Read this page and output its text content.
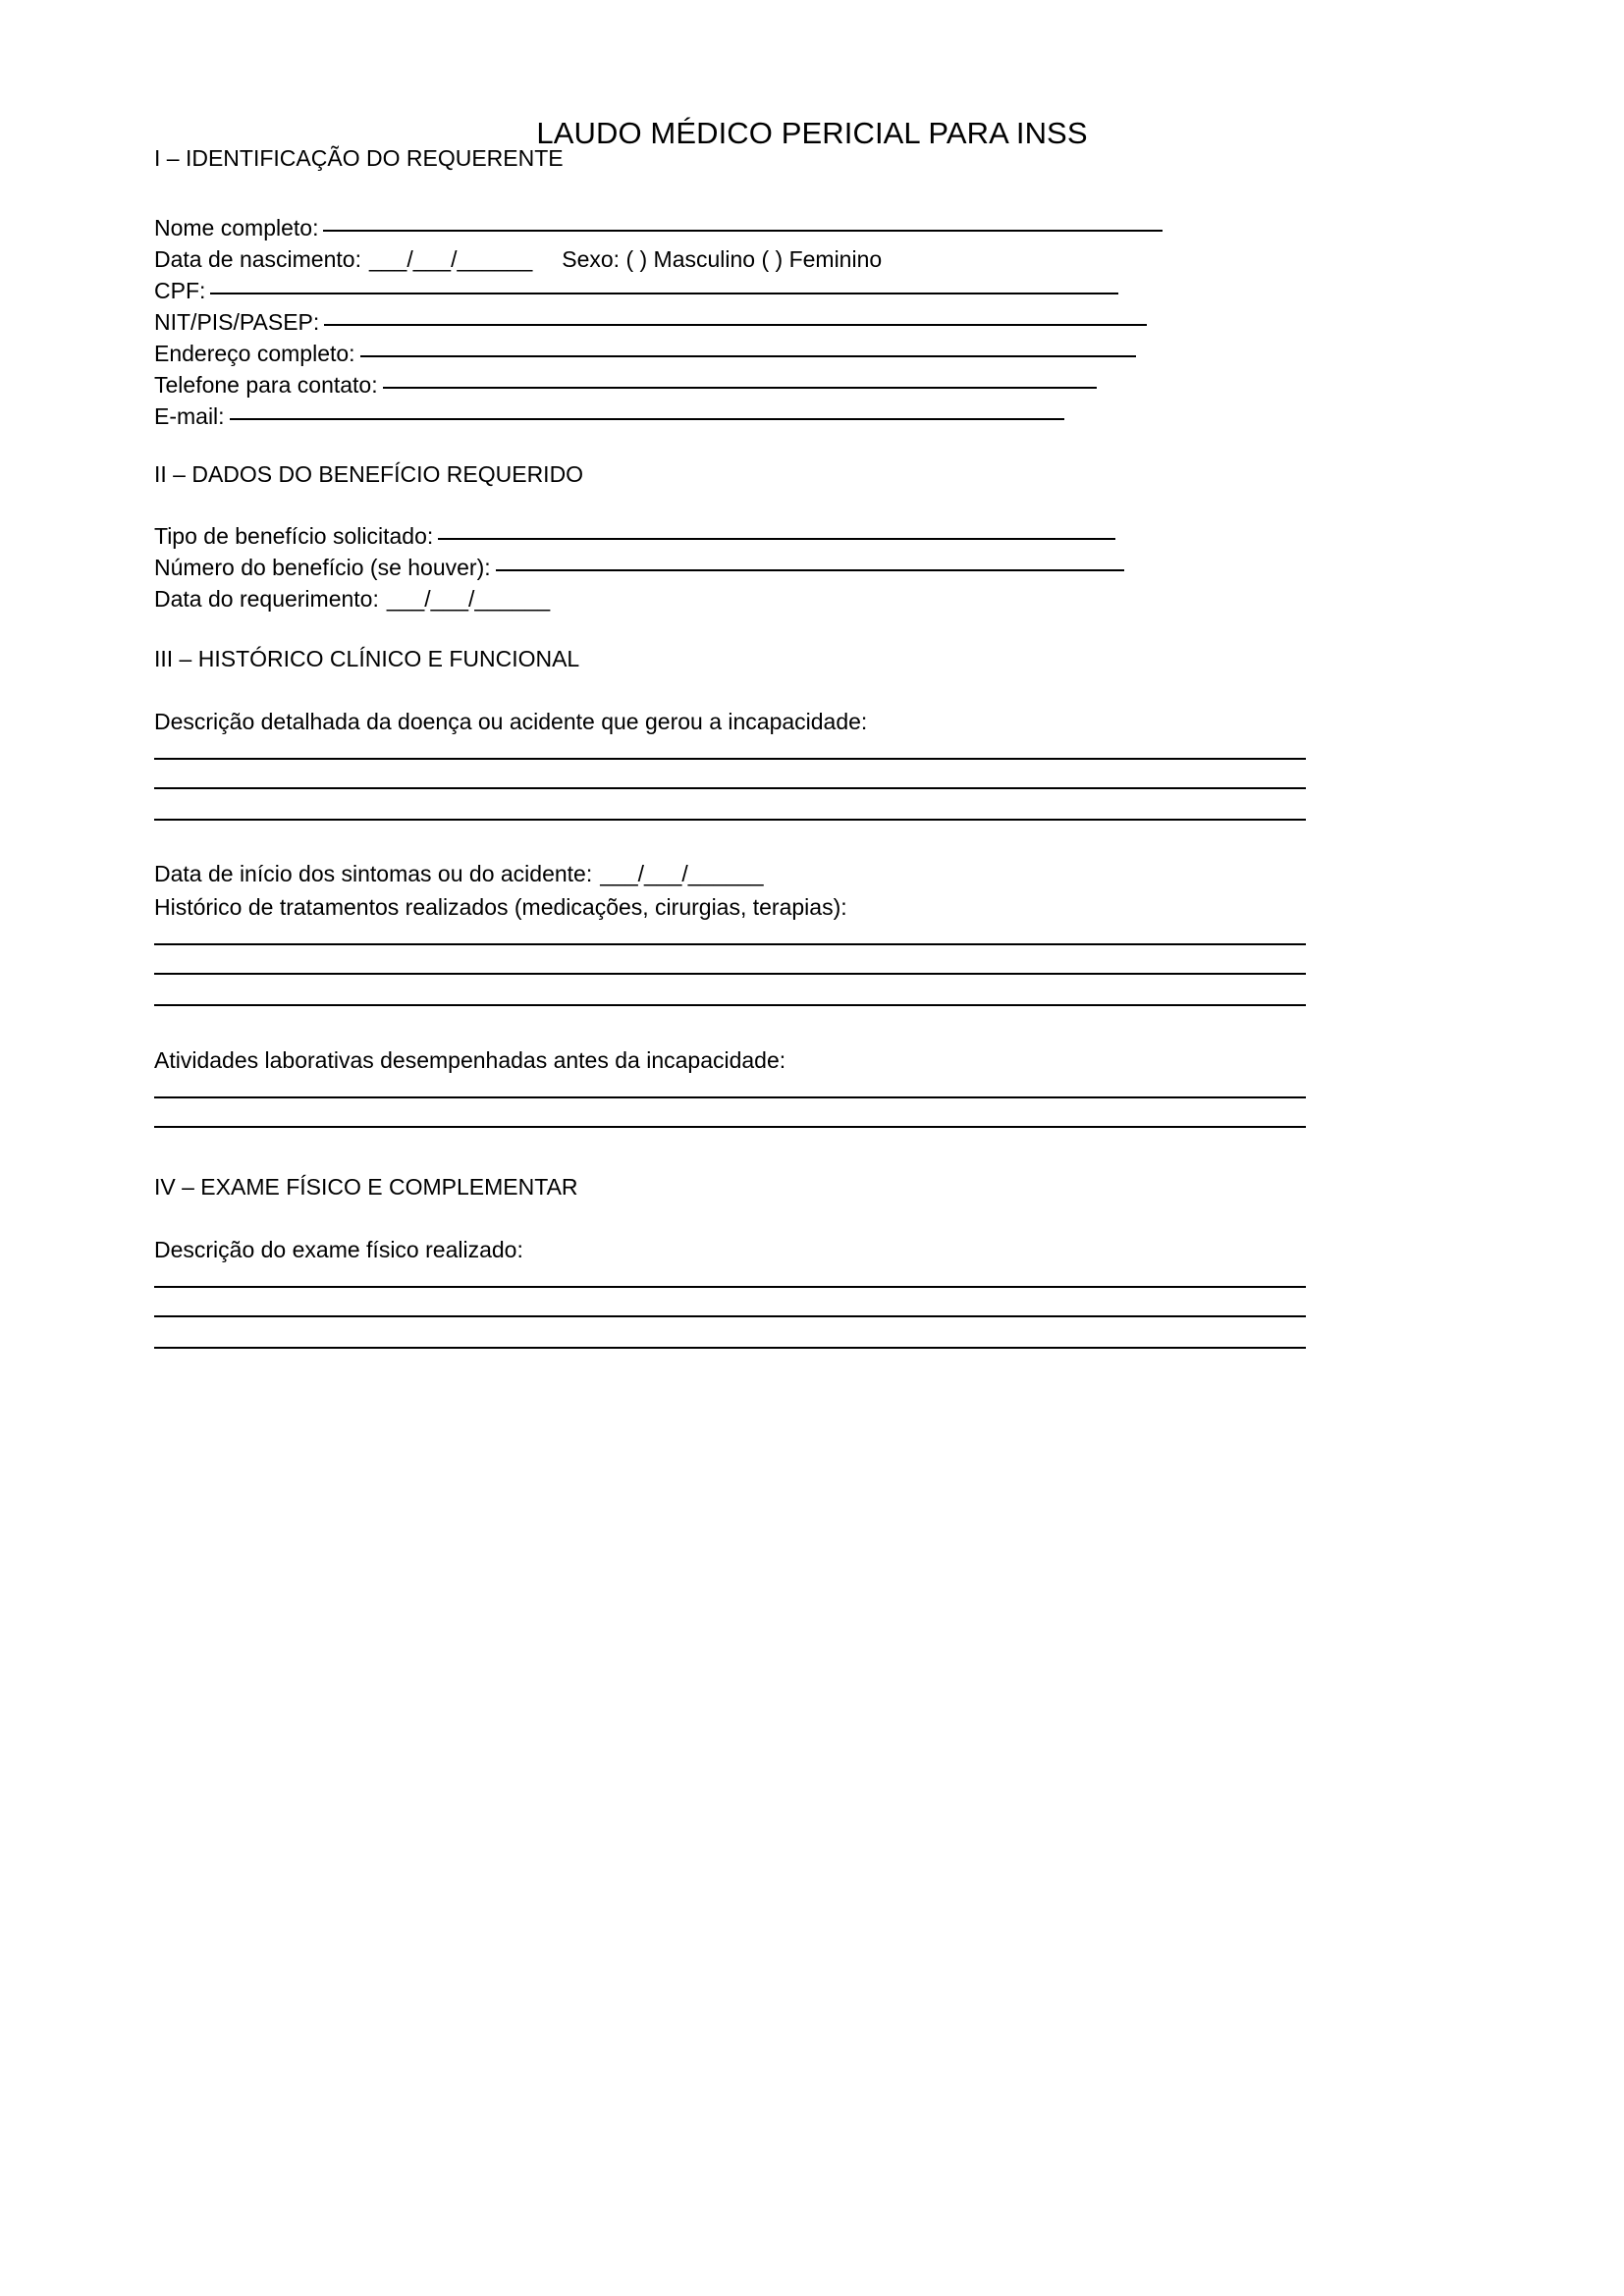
LAUDO MÉDICO PERICIAL PARA INSS
I – IDENTIFICAÇÃO DO REQUERENTE
Nome completo:
Data de nascimento: ___/___/______ Sexo: ( ) Masculino ( ) Feminino
CPF:
NIT/PIS/PASEP:
Endereço completo:
Telefone para contato:
E-mail:
II – DADOS DO BENEFÍCIO REQUERIDO
Tipo de benefício solicitado:
Número do benefício (se houver):
Data do requerimento: ___/___/______
III – HISTÓRICO CLÍNICO E FUNCIONAL
Descrição detalhada da doença ou acidente que gerou a incapacidade:
Data de início dos sintomas ou do acidente: ___/___/______
Histórico de tratamentos realizados (medicações, cirurgias, terapias):
Atividades laborativas desempenhadas antes da incapacidade:
IV – EXAME FÍSICO E COMPLEMENTAR
Descrição do exame físico realizado:
